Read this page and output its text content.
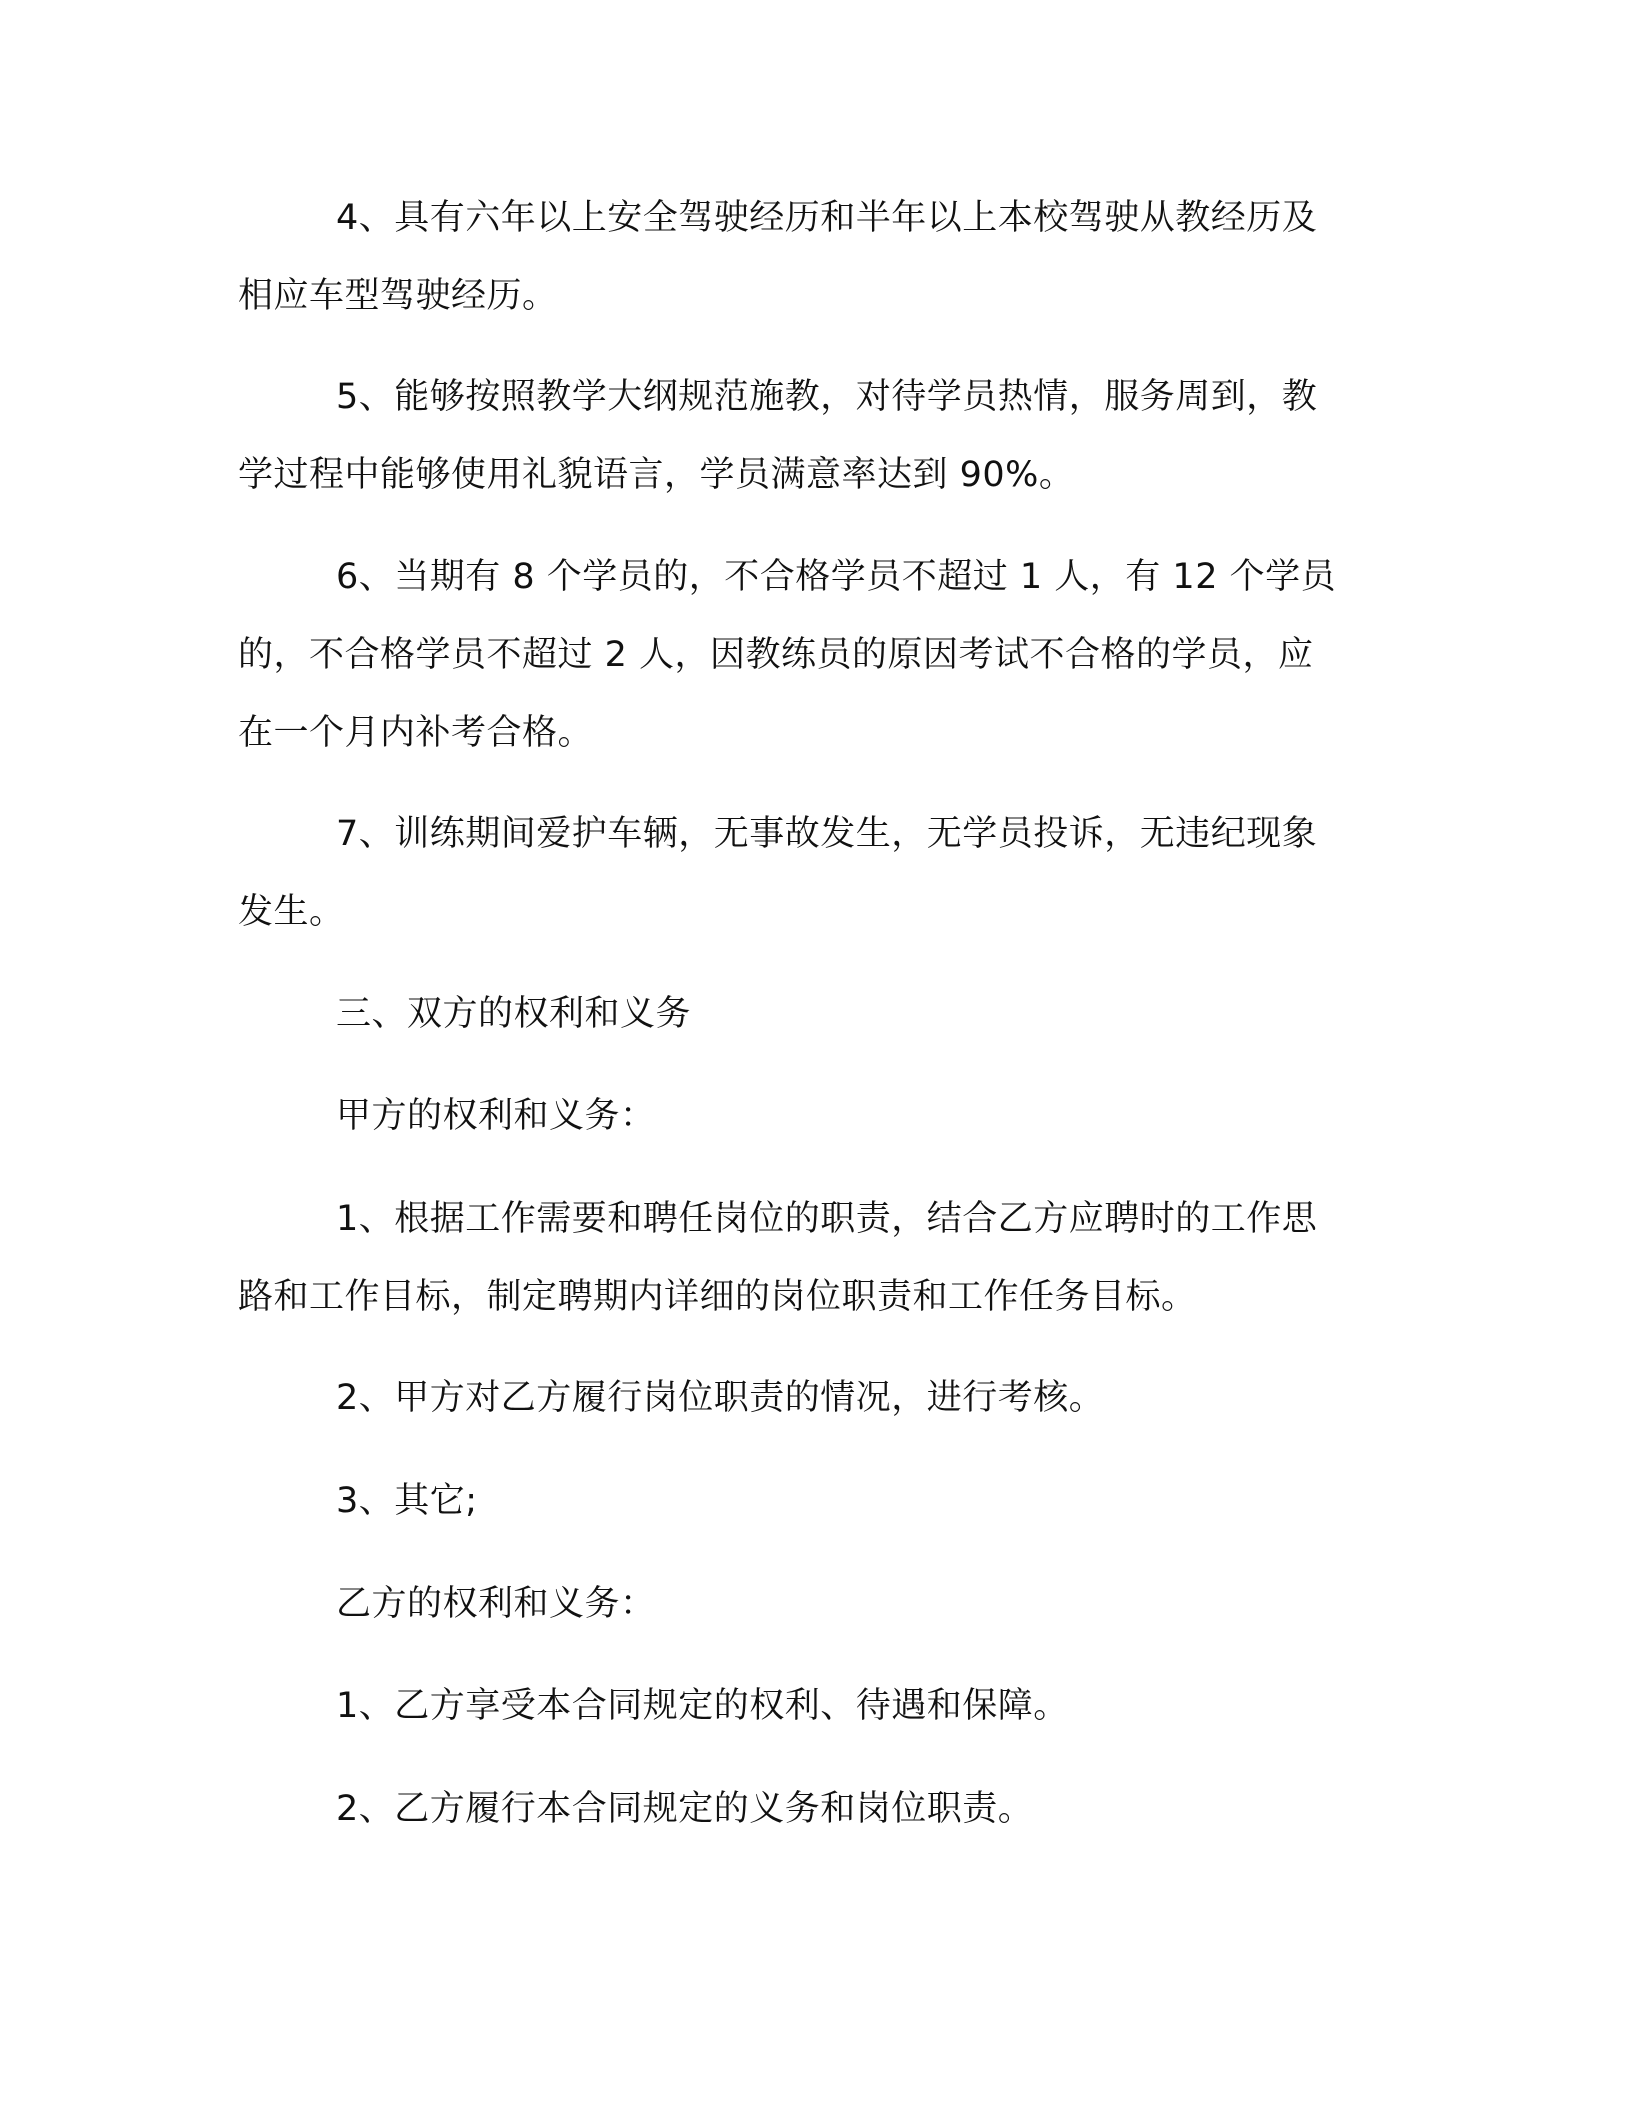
4、具有六年以上安全驾驶经历和半年以上本校驾驶从教经历及
相应车型驾驶经历。
5、能够按照教学大纲规范施教，对待学员热情，服务周到，教
学过程中能够使用礼貌语言，学员满意率达到 90%。
6、当期有 8 个学员的，不合格学员不超过 1 人，有 12 个学员
的，不合格学员不超过 2 人，因教练员的原因考试不合格的学员，应
在一个月内补考合格。
7、训练期间爱护车辆，无事故发生，无学员投诉，无违纪现象
发生。
三、双方的权利和义务
甲方的权利和义务：
1、根据工作需要和聘任岗位的职责，结合乙方应聘时的工作思
路和工作目标，制定聘期内详细的岗位职责和工作任务目标。
2、甲方对乙方履行岗位职责的情况，进行考核。
3、其它;
乙方的权利和义务：
1、乙方享受本合同规定的权利、待遇和保障。
2、乙方履行本合同规定的义务和岗位职责。
